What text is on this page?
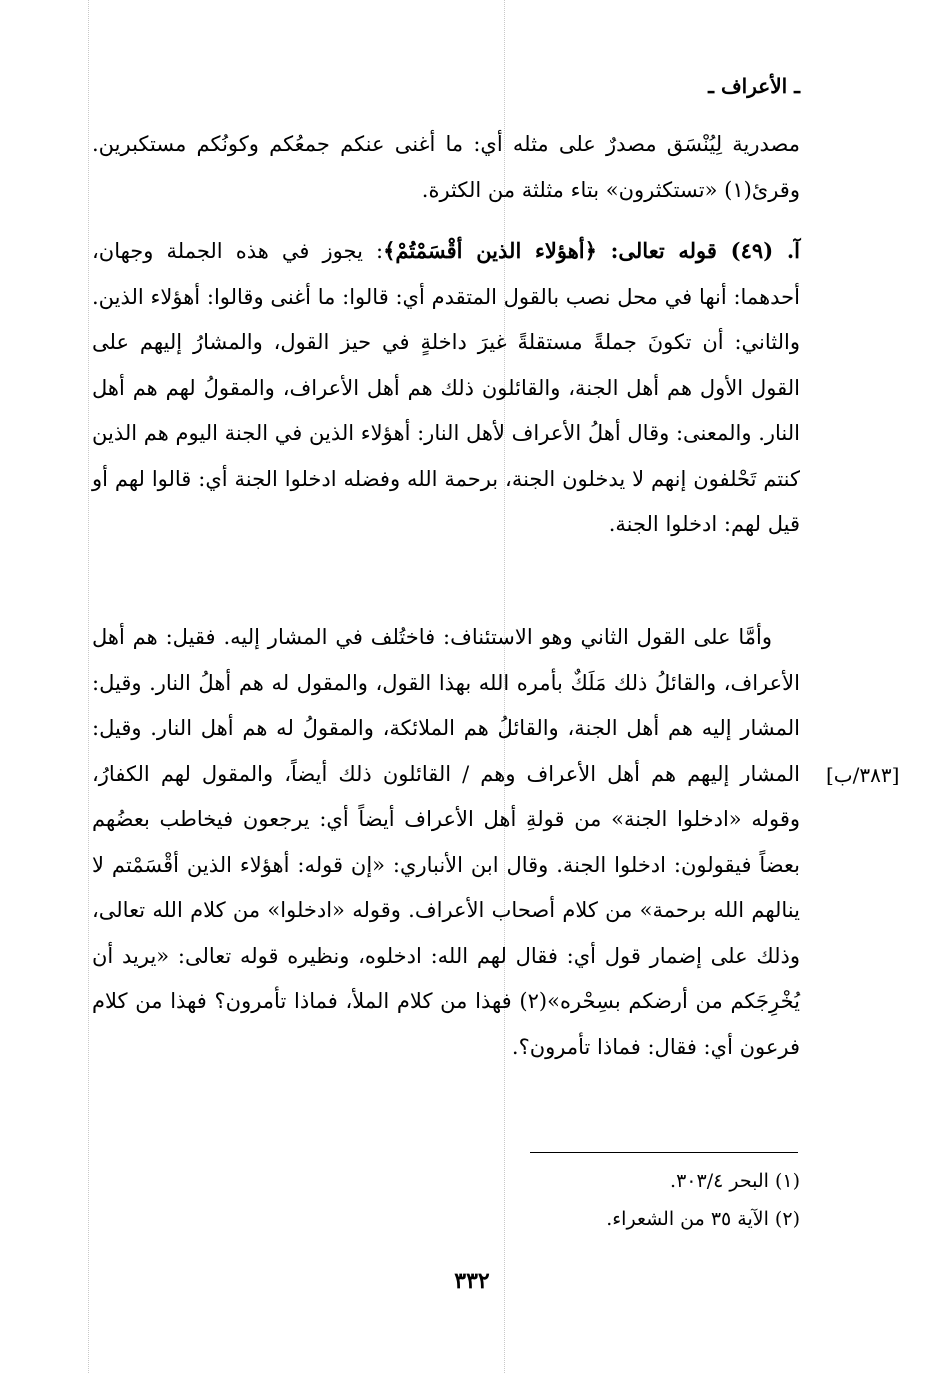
ـ الأعراف ـ

مصدرية لِيُنْسَق مصدرٌ على مثله أي: ما أغنى عنكم جمعُكم وكونُكم مستكبرين. وقرئ(١) «تستكثرون» بتاء مثلثة من الكثرة.

آ. (٤٩) قوله تعالى: ﴿أهؤلاء الذين أقْسَمْتُمْ﴾: يجوز في هذه الجملة وجهان، أحدهما: أنها في محل نصب بالقول المتقدم أي: قالوا: ما أغنى وقالوا: أهؤلاء الذين. والثاني: أن تكونَ جملةً مستقلةً غيرَ داخلةٍ في حيز القول، والمشارُ إليهم على القول الأول هم أهل الجنة، والقائلون ذلك هم أهل الأعراف، والمقولُ لهم هم أهل النار. والمعنى: وقال أهلُ الأعراف لأهل النار: أهؤلاء الذين في الجنة اليوم هم الذين كنتم تَحْلفون إنهم لا يدخلون الجنة، برحمة الله وفضله ادخلوا الجنة أي: قالوا لهم أو قيل لهم: ادخلوا الجنة.

وأمَّا على القول الثاني وهو الاستئناف: فاختُلف في المشار إليه. فقيل: هم أهل الأعراف، والقائلُ ذلك مَلَكٌ بأمره الله بهذا القول، والمقول له هم أهلُ النار. وقيل: المشار إليه هم أهل الجنة، والقائلُ هم الملائكة، والمقولُ له هم أهل النار. وقيل: المشار إليهم هم أهل الأعراف وهم / القائلون ذلك أيضاً، والمقول لهم الكفارُ، وقوله «ادخلوا الجنة» من قولةِ أهل الأعراف أيضاً أي: يرجعون فيخاطب بعضُهم بعضاً فيقولون: ادخلوا الجنة. وقال ابن الأنباري: «إن قوله: أهؤلاء الذين أقْسَمْتم لا ينالهم الله برحمة» من كلام أصحاب الأعراف. وقوله «ادخلوا» من كلام الله تعالى، وذلك على إضمار قول أي: فقال لهم الله: ادخلوه، ونظيره قوله تعالى: «يريد أن يُخْرِجَكم من أرضكم بسِحْره»(٢) فهذا من كلام الملأ، فماذا تأمرون؟ فهذا من كلام فرعون أي: فقال: فماذا تأمرون؟.

[٣٨٣/ب]
(١) البحر ٣٠٣/٤.
(٢) الآية ٣٥ من الشعراء.
٣٣٢
